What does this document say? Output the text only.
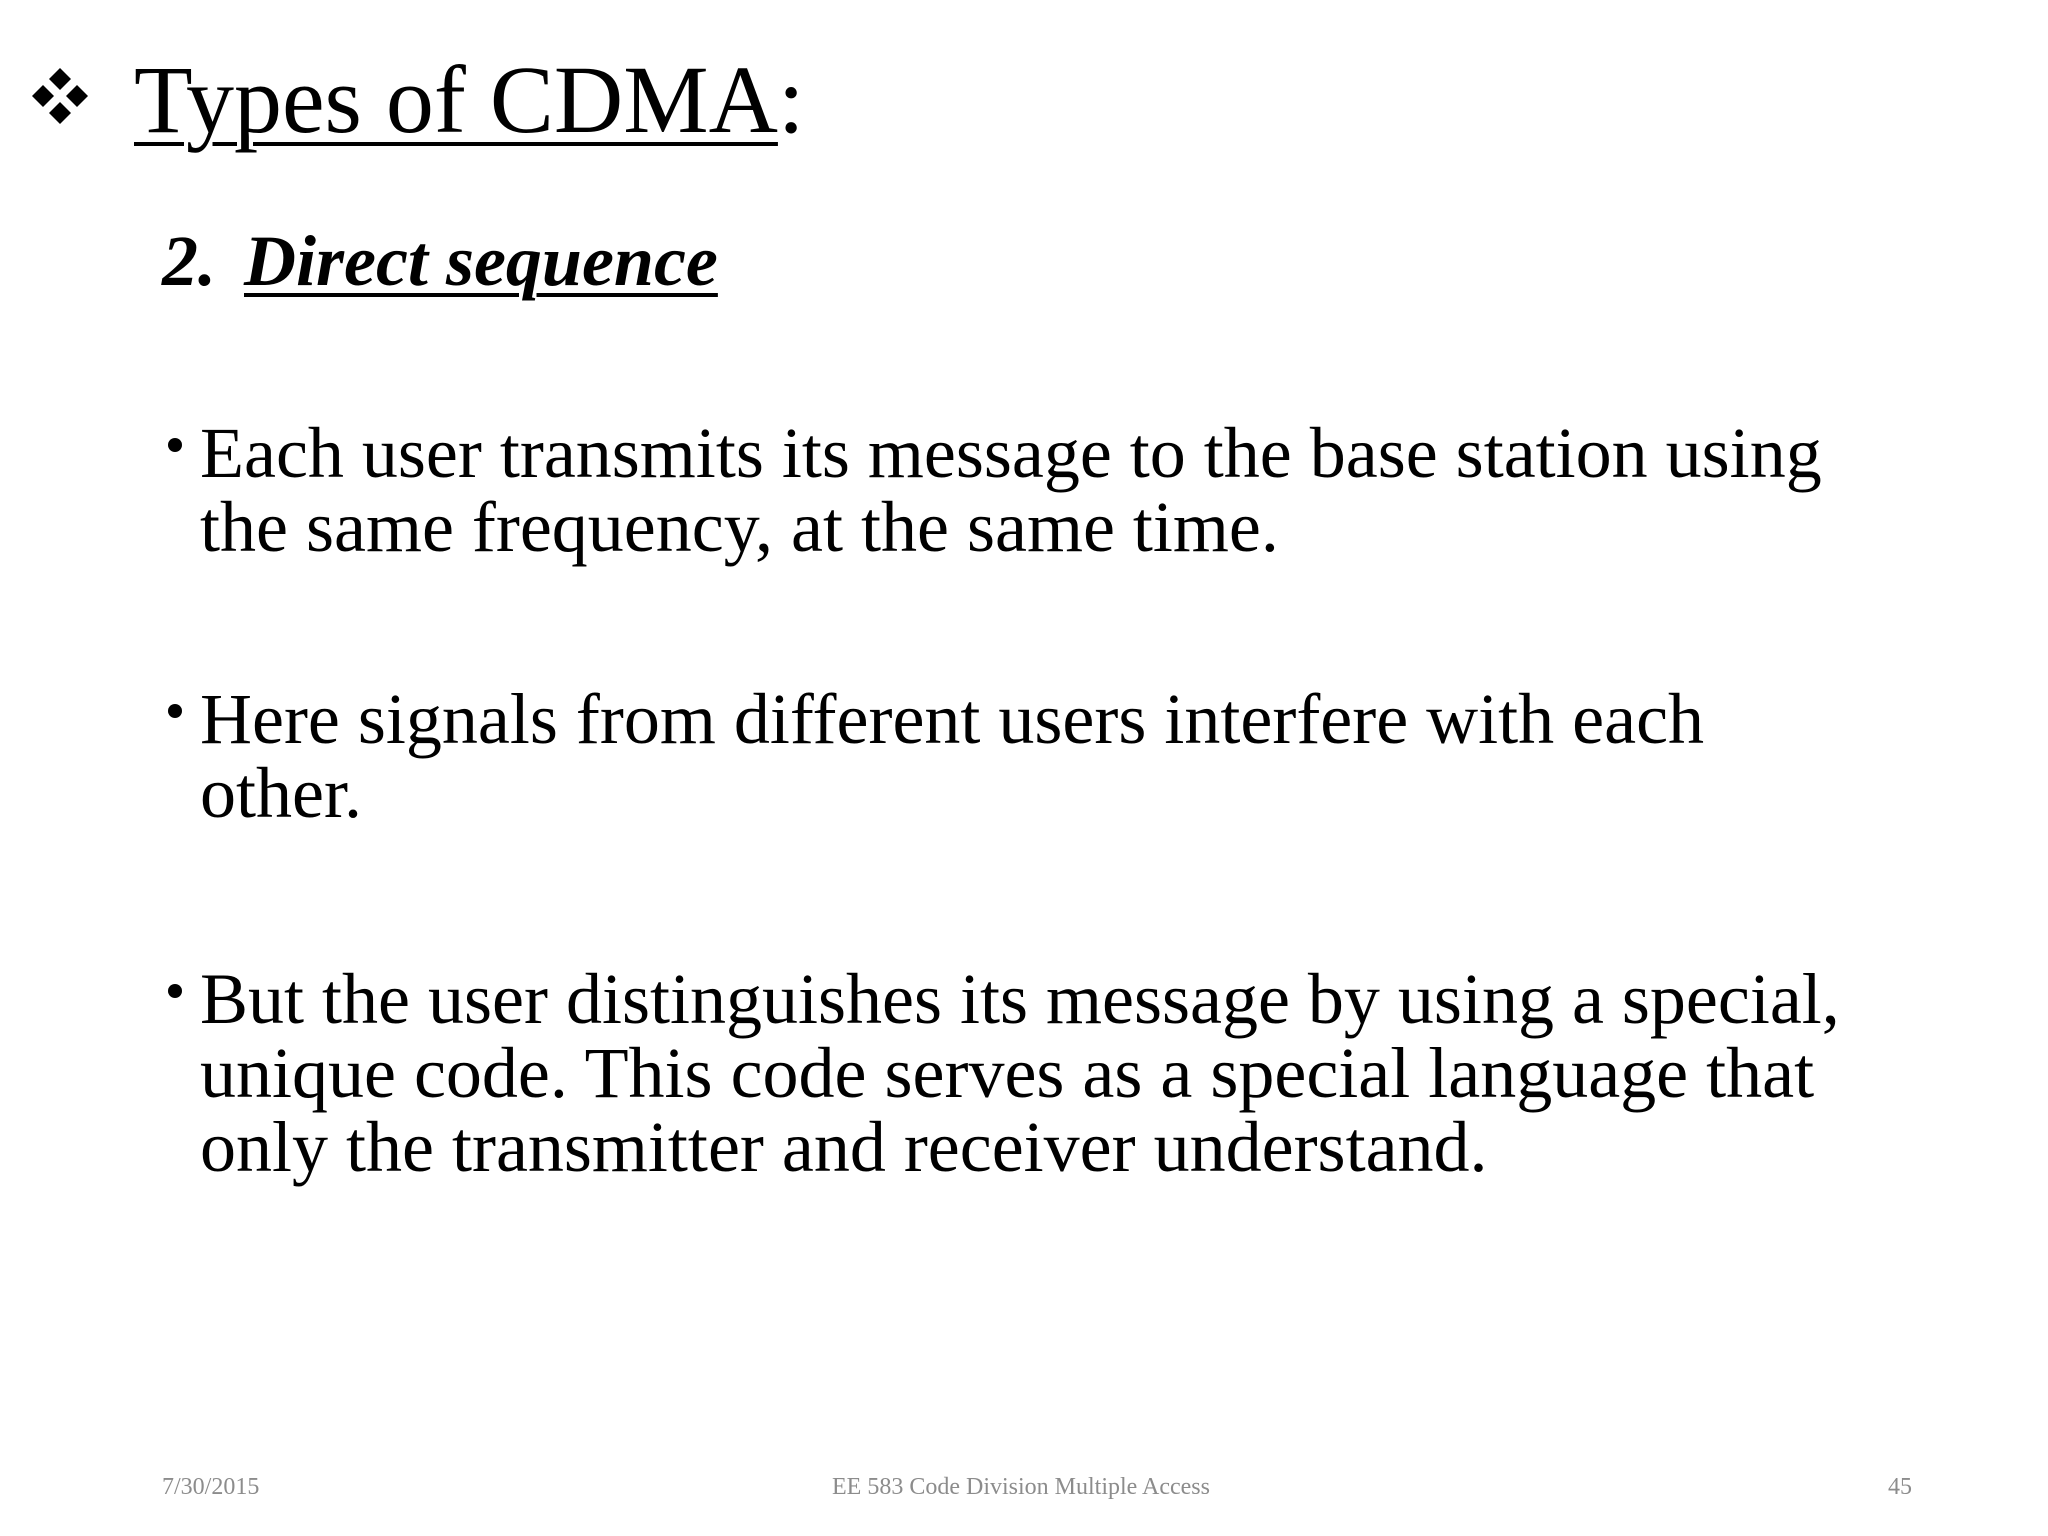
Types of CDMA:
2. Direct sequence
Each user transmits its message to the base station using the same frequency, at the same time.
Here signals from different users interfere with each other.
But the user distinguishes its message by using a special, unique code. This code serves as a special language that only the transmitter and receiver understand.
7/30/2015	EE 583 Code Division Multiple Access	45
